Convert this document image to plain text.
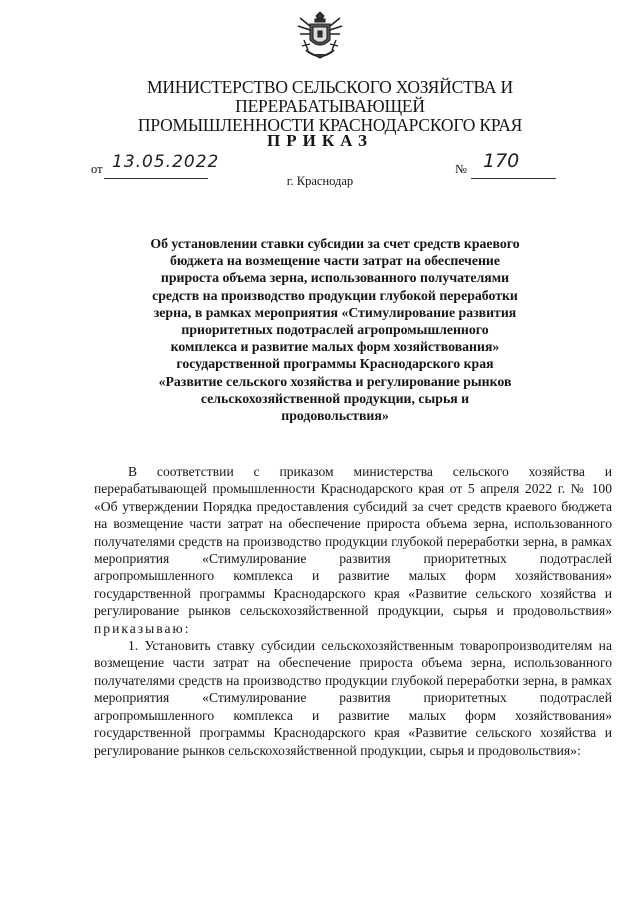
МИНИСТЕРСТВО СЕЛЬСКОГО ХОЗЯЙСТВА И ПЕРЕРАБАТЫВАЮЩЕЙ
ПРОМЫШЛЕННОСТИ КРАСНОДАРСКОГО КРАЯ
ПРИКАЗ
от 13.05.2022	№ 170
г. Краснодар
Об установлении ставки субсидии за счет средств краевого бюджета на возмещение части затрат на обеспечение прироста объема зерна, использованного получателями средств на производство продукции глубокой переработки зерна, в рамках мероприятия «Стимулирование развития приоритетных подотраслей агропромышленного комплекса и развитие малых форм хозяйствования» государственной программы Краснодарского края «Развитие сельского хозяйства и регулирование рынков сельскохозяйственной продукции, сырья и продовольствия»

В соответствии с приказом министерства сельского хозяйства и перерабатывающей промышленности Краснодарского края от 5 апреля 2022 г. № 100 «Об утверждении Порядка предоставления субсидий за счет средств краевого бюджета на возмещение части затрат на обеспечение прироста объема зерна, использованного получателями средств на производство продукции глубокой переработки зерна, в рамках мероприятия «Стимулирование развития приоритетных подотраслей агропромышленного комплекса и развитие малых форм хозяйствования» государственной программы Краснодарского края «Развитие сельского хозяйства и регулирование рынков сельскохозяйственной продукции, сырья и продовольствия» приказываю:

1. Установить ставку субсидии сельскохозяйственным товаропроизводителям на возмещение части затрат на обеспечение прироста объема зерна, использованного получателями средств на производство продукции глубокой переработки зерна, в рамках мероприятия «Стимулирование развития приоритетных подотраслей агропромышленного комплекса и развитие малых форм хозяйствования» государственной программы Краснодарского края «Развитие сельского хозяйства и регулирование рынков сельскохозяйственной продукции, сырья и продовольствия»:
